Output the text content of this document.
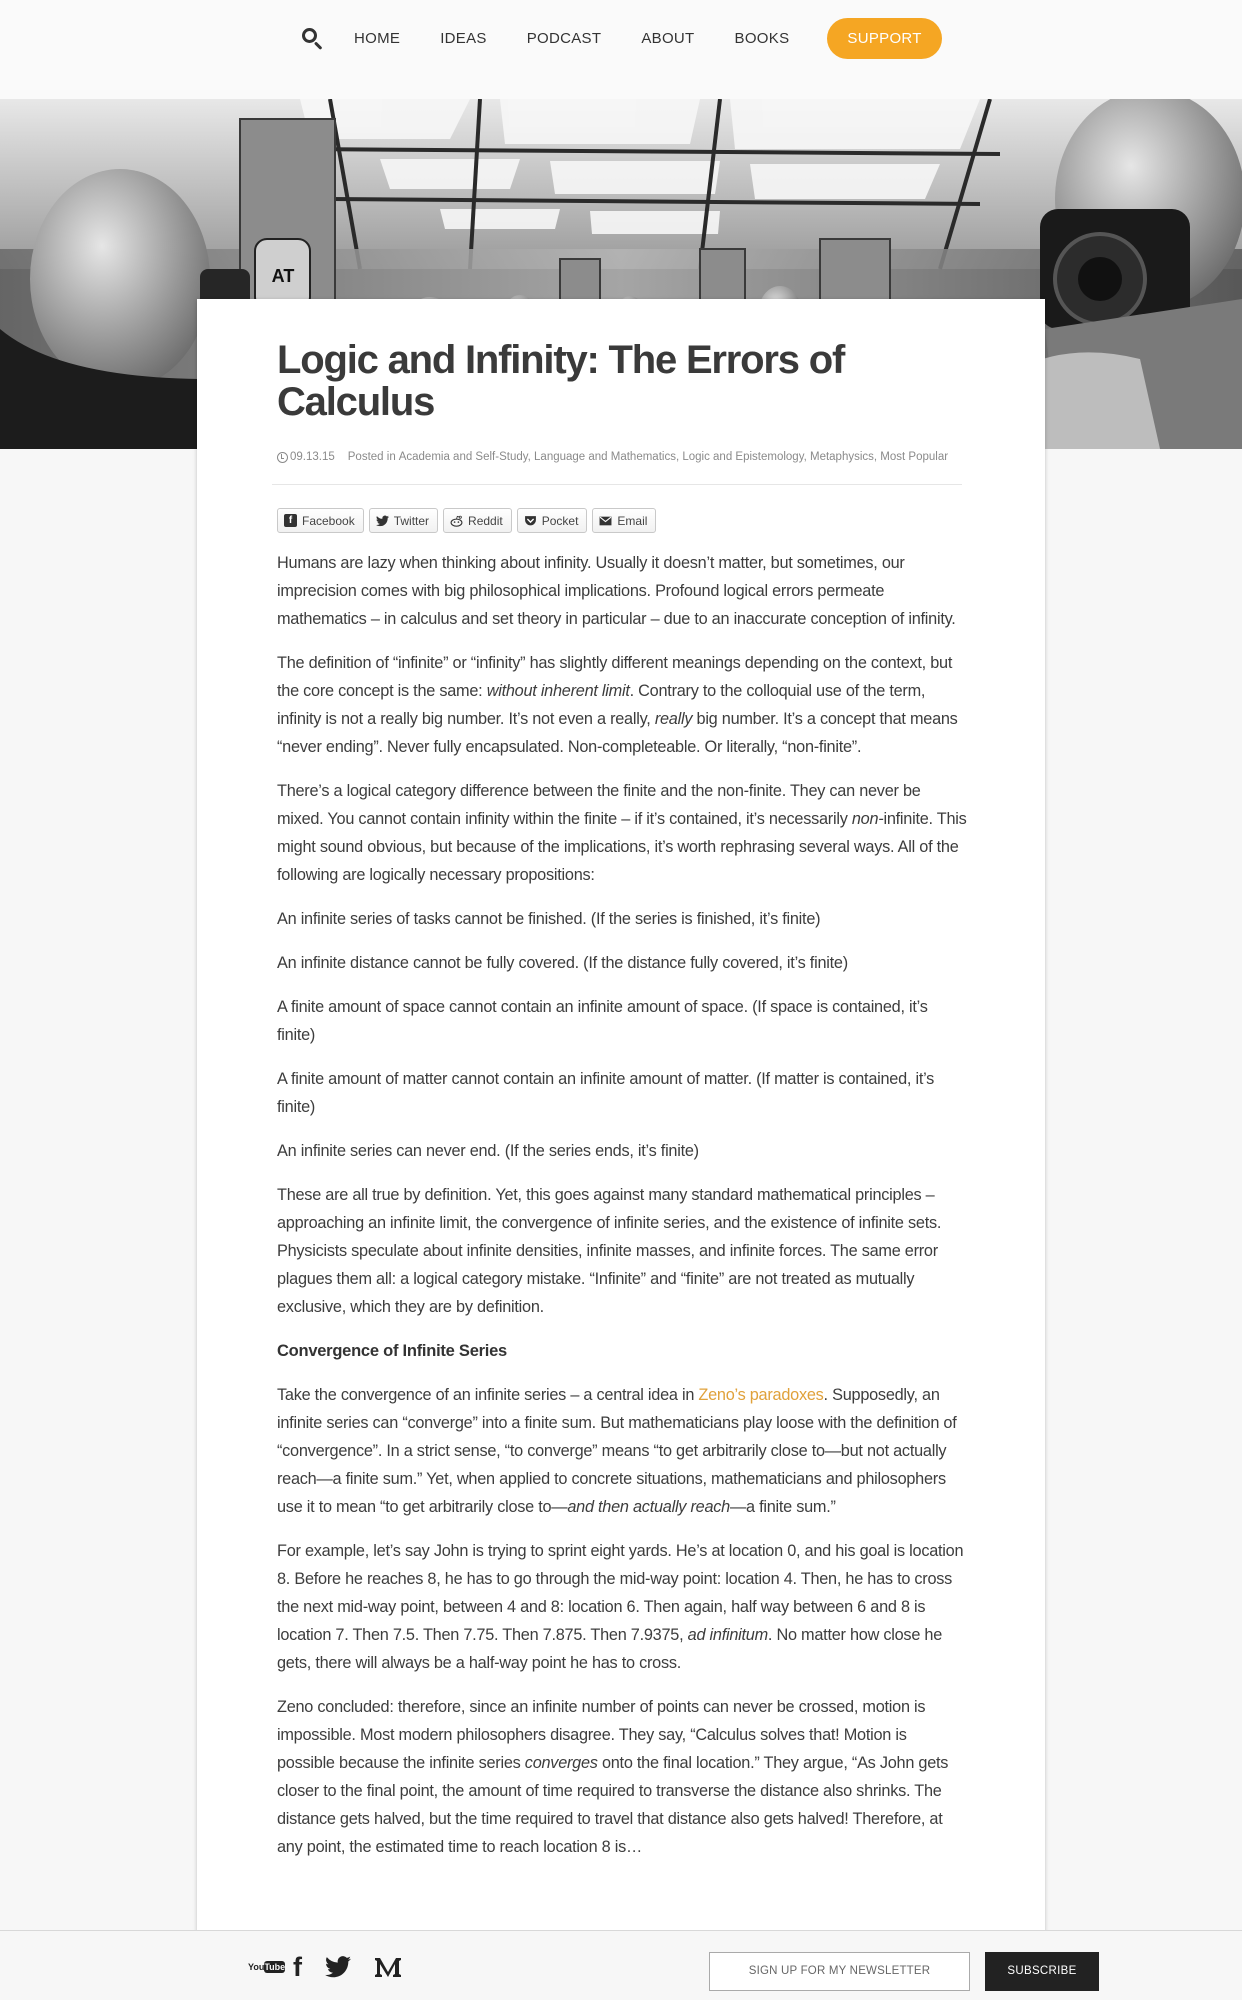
HOME	IDEAS	PODCAST	ABOUT	BOOKS	SUPPORT
AT
Logic and Infinity: The Errors of Calculus
09.13.15 Posted in Academia and Self-Study, Language and Mathematics, Logic and Epistemology, Metaphysics, Most Popular
f Facebook	Twitter	Reddit	Pocket	Email

Humans are lazy when thinking about infinity. Usually it doesn’t matter, but sometimes, our imprecision comes with big philosophical implications. Profound logical errors permeate mathematics – in calculus and set theory in particular – due to an inaccurate conception of infinity.

The definition of “infinite” or “infinity” has slightly different meanings depending on the context, but the core concept is the same: without inherent limit. Contrary to the colloquial use of the term, infinity is not a really big number. It’s not even a really, really big number. It’s a concept that means “never ending”. Never fully encapsulated. Non-completeable. Or literally, “non-finite”.

There’s a logical category difference between the finite and the non-finite. They can never be mixed. You cannot contain infinity within the finite – if it’s contained, it’s necessarily non-infinite. This might sound obvious, but because of the implications, it’s worth rephrasing several ways. All of the following are logically necessary propositions:

An infinite series of tasks cannot be finished. (If the series is finished, it’s finite)

An infinite distance cannot be fully covered. (If the distance fully covered, it’s finite)

A finite amount of space cannot contain an infinite amount of space. (If space is contained, it’s finite)

A finite amount of matter cannot contain an infinite amount of matter. (If matter is contained, it’s finite)

An infinite series can never end. (If the series ends, it’s finite)

These are all true by definition. Yet, this goes against many standard mathematical principles – approaching an infinite limit, the convergence of infinite series, and the existence of infinite sets. Physicists speculate about infinite densities, infinite masses, and infinite forces. The same error plagues them all: a logical category mistake. “Infinite” and “finite” are not treated as mutually exclusive, which they are by definition.

Convergence of Infinite Series

Take the convergence of an infinite series – a central idea in Zeno’s paradoxes. Supposedly, an infinite series can “converge” into a finite sum. But mathematicians play loose with the definition of “convergence”. In a strict sense, “to converge” means “to get arbitrarily close to—but not actually reach—a finite sum.” Yet, when applied to concrete situations, mathematicians and philosophers use it to mean “to get arbitrarily close to—and then actually reach—a finite sum.”

For example, let’s say John is trying to sprint eight yards. He’s at location 0, and his goal is location 8. Before he reaches 8, he has to go through the mid-way point: location 4. Then, he has to cross the next mid-way point, between 4 and 8: location 6. Then again, half way between 6 and 8 is location 7. Then 7.5. Then 7.75. Then 7.875. Then 7.9375, ad infinitum. No matter how close he gets, there will always be a half-way point he has to cross.

Zeno concluded: therefore, since an infinite number of points can never be crossed, motion is impossible. Most modern philosophers disagree. They say, “Calculus solves that! Motion is possible because the infinite series converges onto the final location.” They argue, “As John gets closer to the final point, the amount of time required to transverse the distance also shrinks. The distance gets halved, but the time required to travel that distance also gets halved! Therefore, at any point, the estimated time to reach location 8 is…

You Tube f	SIGN UP FOR MY NEWSLETTER	SUBSCRIBE
